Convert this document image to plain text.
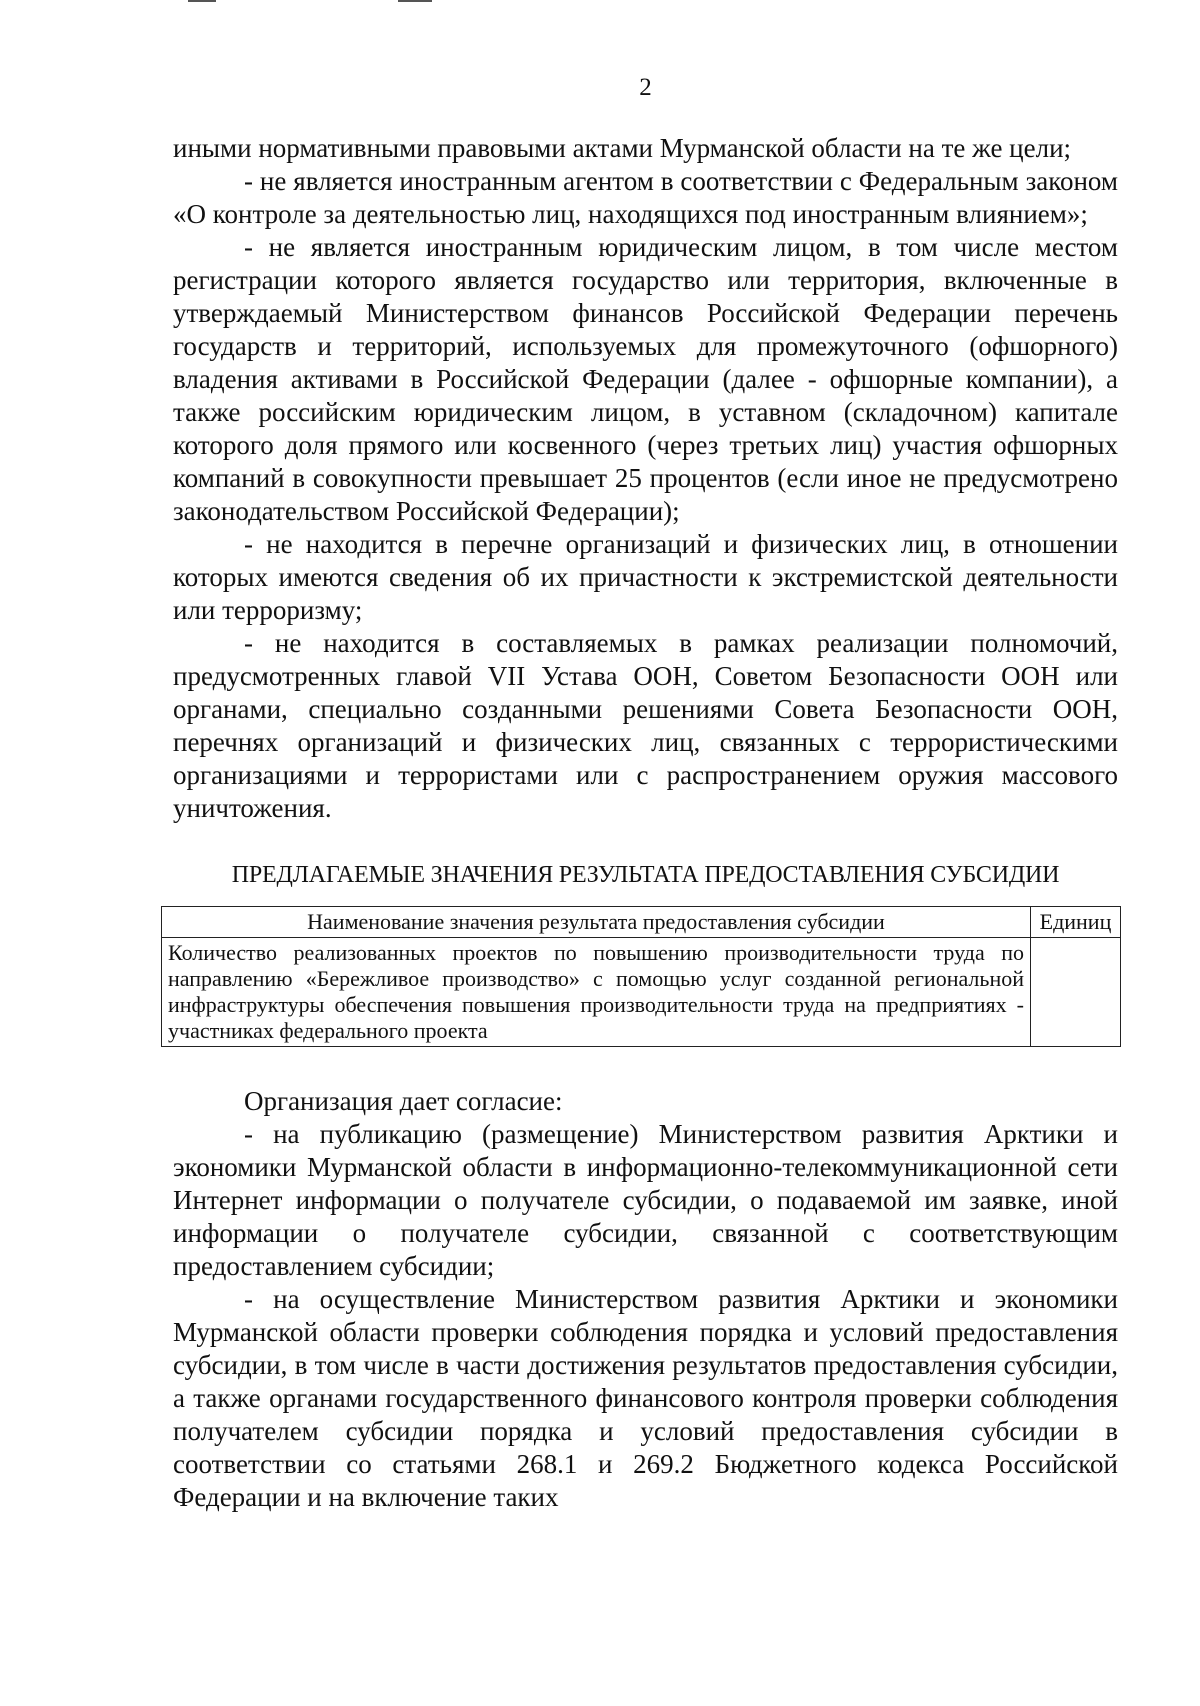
2

иными нормативными правовыми актами Мурманской области на те же цели;

- не является иностранным агентом в соответствии с Федеральным законом «О контроле за деятельностью лиц, находящихся под иностранным влиянием»;

- не является иностранным юридическим лицом, в том числе местом регистрации которого является государство или территория, включенные в утверждаемый Министерством финансов Российской Федерации перечень государств и территорий, используемых для промежуточного (офшорного) владения активами в Российской Федерации (далее - офшорные компании), а также российским юридическим лицом, в уставном (складочном) капитале которого доля прямого или косвенного (через третьих лиц) участия офшорных компаний в совокупности превышает 25 процентов (если иное не предусмотрено законодательством Российской Федерации);

- не находится в перечне организаций и физических лиц, в отношении которых имеются сведения об их причастности к экстремистской деятельности или терроризму;

- не находится в составляемых в рамках реализации полномочий, предусмотренных главой VII Устава ООН, Советом Безопасности ООН или органами, специально созданными решениями Совета Безопасности ООН, перечнях организаций и физических лиц, связанных с террористическими организациями и террористами или с распространением оружия массового уничтожения.

ПРЕДЛАГАЕМЫЕ ЗНАЧЕНИЯ РЕЗУЛЬТАТА ПРЕДОСТАВЛЕНИЯ СУБСИДИИ
Наименование значения результата предоставления субсидии	Единиц
Количество реализованных проектов по повышению производительности труда по направлению «Бережливое производство» с помощью услуг созданной региональной инфраструктуры обеспечения повышения производительности труда на предприятиях - участниках федерального проекта	

Организация дает согласие:

- на публикацию (размещение) Министерством развития Арктики и экономики Мурманской области в информационно-телекоммуникационной сети Интернет информации о получателе субсидии, о подаваемой им заявке, иной информации о получателе субсидии, связанной с соответствующим предоставлением субсидии;

- на осуществление Министерством развития Арктики и экономики Мурманской области проверки соблюдения порядка и условий предоставления субсидии, в том числе в части достижения результатов предоставления субсидии, а также органами государственного финансового контроля проверки соблюдения получателем субсидии порядка и условий предоставления субсидии в соответствии со статьями 268.1 и 269.2 Бюджетного кодекса Российской Федерации и на включение таких
